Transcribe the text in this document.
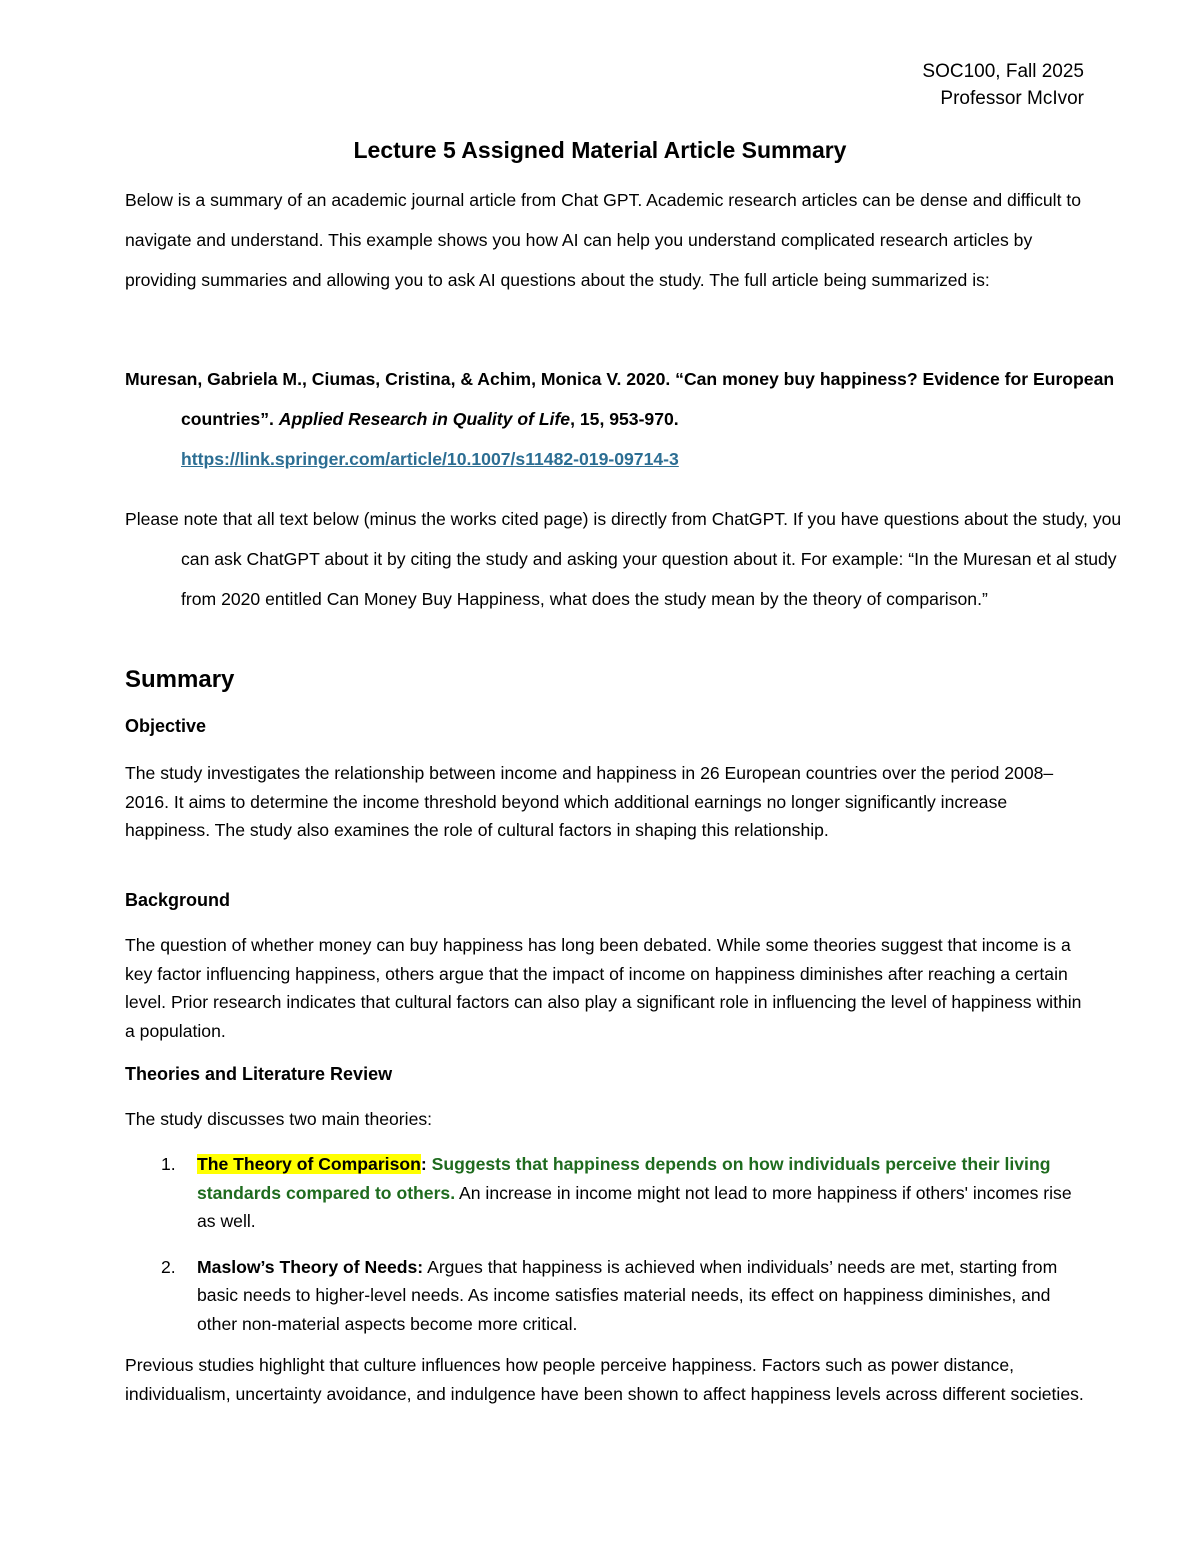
SOC100, Fall 2025
Professor McIvor
Lecture 5 Assigned Material Article Summary

Below is a summary of an academic journal article from Chat GPT. Academic research articles can be dense and difficult to navigate and understand. This example shows you how AI can help you understand complicated research articles by providing summaries and allowing you to ask AI questions about the study. The full article being summarized is:

Muresan, Gabriela M., Ciumas, Cristina, & Achim, Monica V. 2020. “Can money buy happiness? Evidence for European countries”. Applied Research in Quality of Life, 15, 953-970.
https://link.springer.com/article/10.1007/s11482-019-09714-3

Please note that all text below (minus the works cited page) is directly from ChatGPT. If you have questions about the study, you can ask ChatGPT about it by citing the study and asking your question about it. For example: “In the Muresan et al study from 2020 entitled Can Money Buy Happiness, what does the study mean by the theory of comparison.”

Summary
Objective

The study investigates the relationship between income and happiness in 26 European countries over the period 2008–2016. It aims to determine the income threshold beyond which additional earnings no longer significantly increase happiness. The study also examines the role of cultural factors in shaping this relationship.

Background

The question of whether money can buy happiness has long been debated. While some theories suggest that income is a key factor influencing happiness, others argue that the impact of income on happiness diminishes after reaching a certain level. Prior research indicates that cultural factors can also play a significant role in influencing the level of happiness within a population.

Theories and Literature Review

The study discusses two main theories:

1. The Theory of Comparison: Suggests that happiness depends on how individuals perceive their living standards compared to others. An increase in income might not lead to more happiness if others' incomes rise as well.
2. Maslow’s Theory of Needs: Argues that happiness is achieved when individuals’ needs are met, starting from basic needs to higher-level needs. As income satisfies material needs, its effect on happiness diminishes, and other non-material aspects become more critical.

Previous studies highlight that culture influences how people perceive happiness. Factors such as power distance, individualism, uncertainty avoidance, and indulgence have been shown to affect happiness levels across different societies.
